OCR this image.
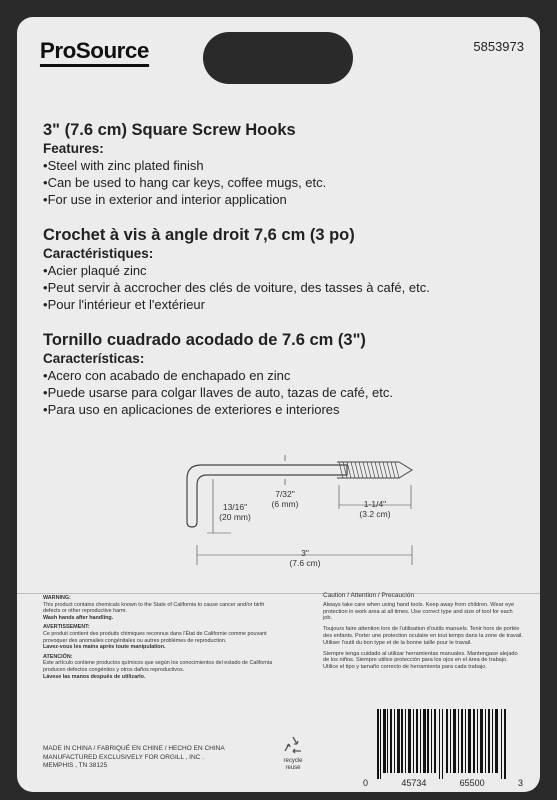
ProSource	5853973
3" (7.6 cm) Square Screw Hooks
Features:
• Steel with zinc plated finish
• Can be used to hang car keys, coffee mugs, etc.
• For use in exterior and interior application
Crochet à vis à angle droit 7,6 cm (3 po)
Caractéristiques:
• Acier plaqué zinc
• Peut servir à accrocher des clés de voiture, des tasses à café, etc.
• Pour l'intérieur et l'extérieur
Tornillo cuadrado acodado de 7.6 cm (3")
Características:
• Acero con acabado de enchapado en zinc
• Puede usarse para colgar llaves de auto, tazas de café, etc.
• Para uso en aplicaciones de exteriores e interiores
13/16"
(20 mm)
7/32"
(6 mm)	1-1/4"
(3.2 cm)
3"
(7.6 cm)
WARNING:
This product contains chemicals known to the State of California to cause cancer and/or birth defects or other reproductive harm.
Wash hands after handling.
AVERTISSEMENT:
Ce produit contient des produits chimiques reconnus dans l'État de Californie comme pouvant provoquer des anomalies congénitales ou autres problèmes de reproduction.
Lavez-vous les mains après toute manipulation.
ATENCIÓN:
Este artículo contiene productos químicos que según los conocimientos del estado de California producen defectos congénitos y otros daños reproductivos.
Lávese las manos después de utilizarlo.
Caution / Attention / Precaución

Always take care when using hand tools. Keep away from children. Wear eye protection in work area at all times. Use correct type and size of tool for each job.

Toujours faire attention lors de l'utilisation d'outils manuels. Tenir hors de portée des enfants. Porter une protection oculaire en tout temps dans la zone de travail. Utiliser l'outil du bon type et de la bonne taille pour le travail.

Siempre tenga cuidado al utilizar herramientas manuales. Mantengase alejado de los niños. Siempre utilice protección para los ojos en el área de trabajo. Utilice el tipo y tamaño correcto de herramienta para cada trabajo.

MADE IN CHINA / FABRIQUÉ EN CHINE / HECHO EN CHINA
MANUFACTURED EXCLUSIVELY FOR ORGILL , INC .
MEMPHIS , TN 38125
recycle
reuse
0	45734	65500	3
